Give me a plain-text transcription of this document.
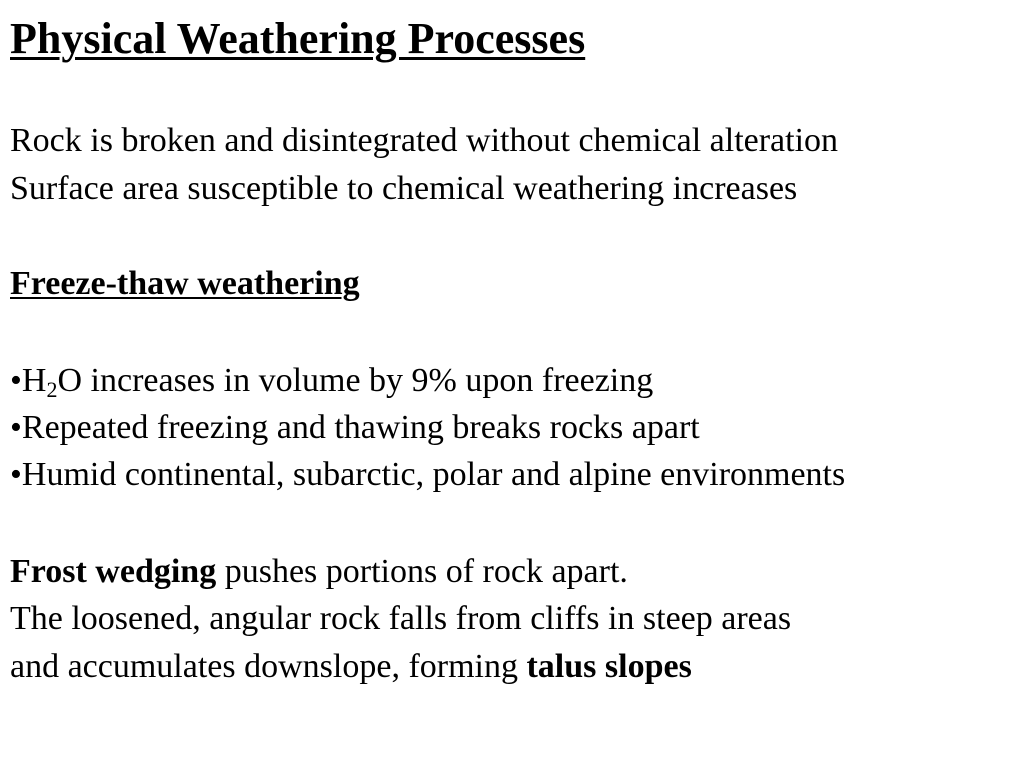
Physical Weathering Processes
Rock is broken and disintegrated without chemical alteration
Surface area susceptible to chemical weathering increases
Freeze-thaw weathering
$•H_2O$ increases in volume by 9% upon freezing
•Repeated freezing and thawing breaks rocks apart
•Humid continental, subarctic, polar and alpine environments
Frost wedging pushes portions of rock apart.
The loosened, angular rock falls from cliffs in steep areas
and accumulates downslope, forming talus slopes
